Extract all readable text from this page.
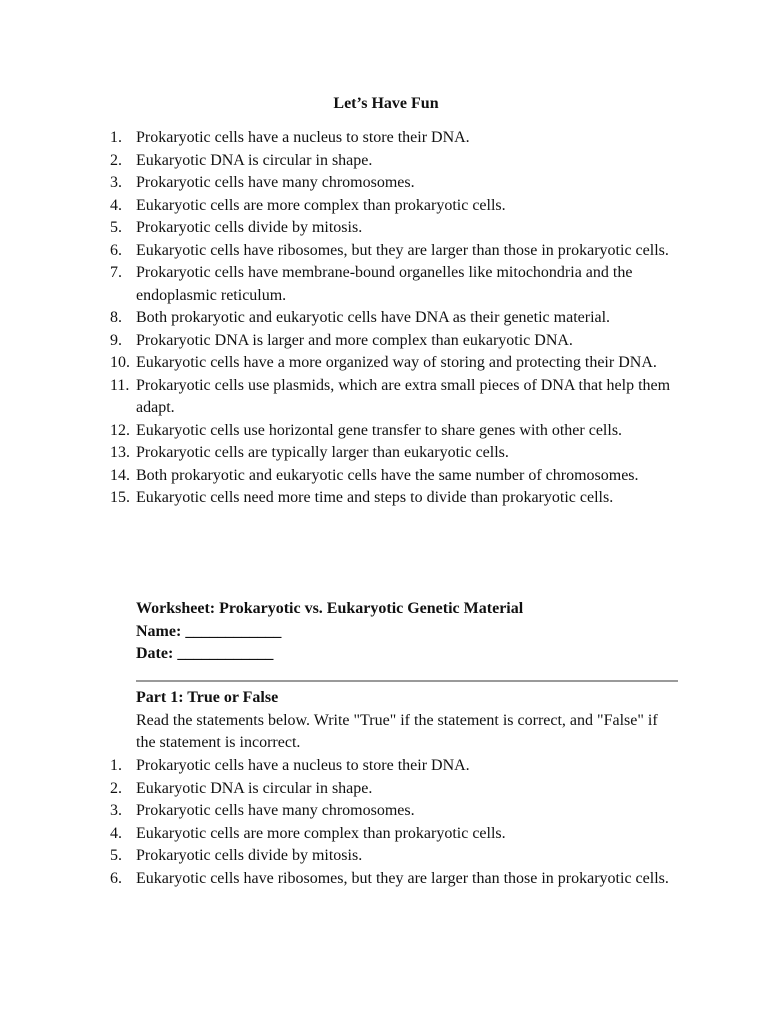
Let’s Have Fun
1. Prokaryotic cells have a nucleus to store their DNA.
2. Eukaryotic DNA is circular in shape.
3. Prokaryotic cells have many chromosomes.
4. Eukaryotic cells are more complex than prokaryotic cells.
5. Prokaryotic cells divide by mitosis.
6. Eukaryotic cells have ribosomes, but they are larger than those in prokaryotic cells.
7. Prokaryotic cells have membrane-bound organelles like mitochondria and the endoplasmic reticulum.
8. Both prokaryotic and eukaryotic cells have DNA as their genetic material.
9. Prokaryotic DNA is larger and more complex than eukaryotic DNA.
10. Eukaryotic cells have a more organized way of storing and protecting their DNA.
11. Prokaryotic cells use plasmids, which are extra small pieces of DNA that help them adapt.
12. Eukaryotic cells use horizontal gene transfer to share genes with other cells.
13. Prokaryotic cells are typically larger than eukaryotic cells.
14. Both prokaryotic and eukaryotic cells have the same number of chromosomes.
15. Eukaryotic cells need more time and steps to divide than prokaryotic cells.
Worksheet: Prokaryotic vs. Eukaryotic Genetic Material
Name: ____________
Date: ____________
Part 1: True or False
Read the statements below. Write "True" if the statement is correct, and "False" if the statement is incorrect.
1. Prokaryotic cells have a nucleus to store their DNA.
2. Eukaryotic DNA is circular in shape.
3. Prokaryotic cells have many chromosomes.
4. Eukaryotic cells are more complex than prokaryotic cells.
5. Prokaryotic cells divide by mitosis.
6. Eukaryotic cells have ribosomes, but they are larger than those in prokaryotic cells.
